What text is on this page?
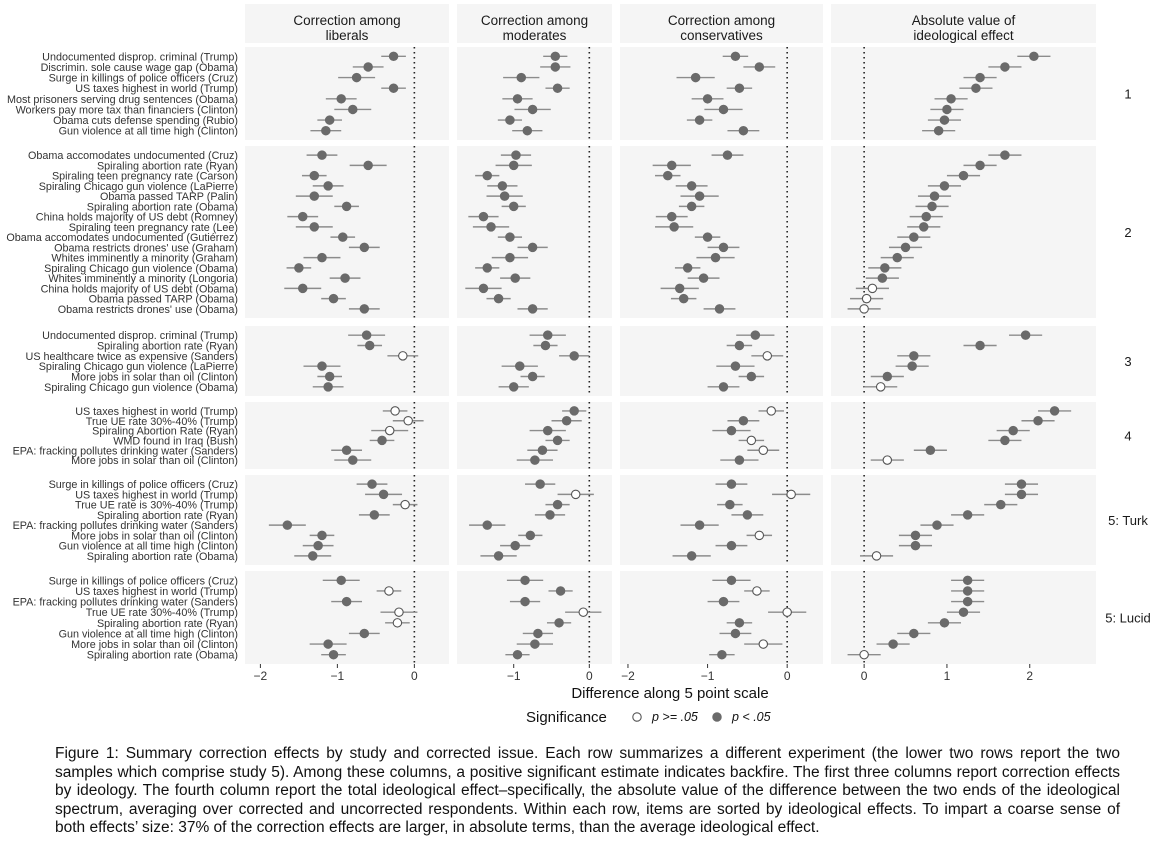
Correction among
liberals
Correction among
moderates
Correction among
conservatives
Absolute value of
ideological effect
1
Undocumented disprop. criminal (Trump)
Discrimin. sole cause wage gap (Obama)
Surge in killings of police officers (Cruz)
US taxes highest in world (Trump)
Most prisoners serving drug sentences (Obama)
Workers pay more tax than financiers (Clinton)
Obama cuts defense spending (Rubio)
Gun violence at all time high (Clinton)
2
Obama accomodates undocumented (Cruz)
Spiraling abortion rate (Ryan)
Spiraling teen pregnancy rate (Carson)
Spiraling Chicago gun violence (LaPierre)
Obama passed TARP (Palin)
Spiraling abortion rate (Obama)
China holds majority of US debt (Romney)
Spiraling teen pregnancy rate (Lee)
Obama accomodates undocumented (Gutiérrez)
Obama restricts drones' use (Graham)
Whites imminently a minority (Graham)
Spiraling Chicago gun violence (Obama)
Whites imminently a minority (Longoria)
China holds majority of US debt (Obama)
Obama passed TARP (Obama)
Obama restricts drones' use (Obama)
3
Undocumented disprop. criminal (Trump)
Spiraling abortion rate (Ryan)
US healthcare twice as expensive (Sanders)
Spiraling Chicago gun violence (LaPierre)
More jobs in solar than oil (Clinton)
Spiraling Chicago gun violence (Obama)
4
US taxes highest in world (Trump)
True UE rate 30%-40% (Trump)
Spiraling Abortion Rate (Ryan)
WMD found in Iraq (Bush)
EPA: fracking pollutes drinking water (Sanders)
More jobs in solar than oil (Clinton)
5: Turk
Surge in killings of police officers (Cruz)
US taxes highest in world (Trump)
True UE rate is 30%-40% (Trump)
Spiraling abortion rate (Ryan)
EPA: fracking pollutes drinking water (Sanders)
More jobs in solar than oil (Clinton)
Gun violence at all time high (Clinton)
Spiraling abortion rate (Obama)
5: Lucid
Surge in killings of police officers (Cruz)
US taxes highest in world (Trump)
EPA: fracking pollutes drinking water (Sanders)
True UE rate 30%-40% (Trump)
Spiraling abortion rate (Ryan)
Gun violence at all time high (Clinton)
More jobs in solar than oil (Clinton)
Spiraling abortion rate (Obama)
−2	−1	0	−1	0 −2	−1	0	0	1	2
Difference along 5 point scale
Significance	p >= .05	p < .05

Figure 1: Summary correction effects by study and corrected issue. Each row summarizes a different experiment (the lower two rows report the two samples which comprise study 5). Among these columns, a positive significant estimate indicates backfire. The first three columns report correction effects by ideology. The fourth column report the total ideological effect–specifically, the absolute value of the difference between the two ends of the ideological spectrum, averaging over corrected and uncorrected respondents. Within each row, items are sorted by ideological effects. To impart a coarse sense of both effects’ size: 37% of the correction effects are larger, in absolute terms, than the average ideological effect.
